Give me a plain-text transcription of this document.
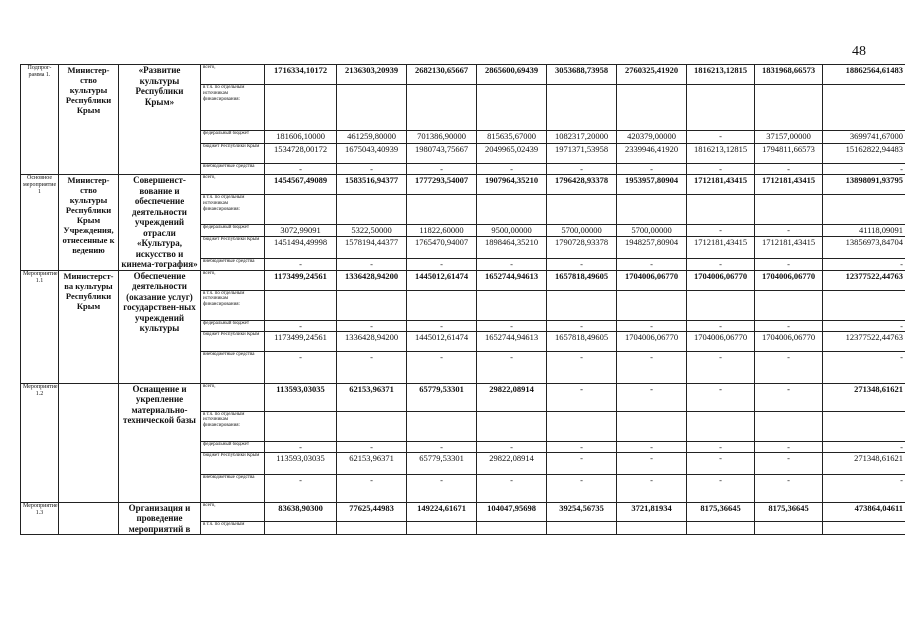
48
Подпрог-рамма 1.	Министер-ство культуры Республики Крым	«Развитие культуры Республики Крым»	всего,	1716334,10172	2136303,20939	2682130,65667	2865600,69439	3053688,73958	2760325,41920	1816213,12815	1831968,66573	18862564,61483
			в т.ч. по отдельным источникам финансирования:									
			федеральный бюджет	181606,10000	461259,80000	701386,90000	815635,67000	1082317,20000	420379,00000	-	37157,00000	3699741,67000
			бюджет Республики Крым	1534728,00172	1675043,40939	1980743,75667	2049965,02439	1971371,53958	2339946,41920	1816213,12815	1794811,66573	15162822,94483
			внебюджетные средства	-	-	-	-	-	-	-	-	-
Основное мероприятие 1	Министер-ство культуры Республики Крым Учреждения, отнесенные к ведению	Совершенст-вование и обеспечение деятельности учреждений отрасли «Культура, искусство и кинема-тография»	всего,	1454567,49089	1583516,94377	1777293,54007	1907964,35210	1796428,93378	1953957,80904	1712181,43415	1712181,43415	13898091,93795
			в т.ч. по отдельным источникам финансирования:									
			федеральный бюджет	3072,99091	5322,50000	11822,60000	9500,00000	5700,00000	5700,00000	-	-	41118,09091
			бюджет Республики Крым	1451494,49998	1578194,44377	1765470,94007	1898464,35210	1790728,93378	1948257,80904	1712181,43415	1712181,43415	13856973,84704
			внебюджетные средства	-	-	-	-	-	-	-	-	-
Мероприятие 1.1	Министерст-ва культуры Республики Крым	Обеспечение деятельности (оказание услуг) государствен-ных учреждений культуры	всего,	1173499,24561	1336428,94200	1445012,61474	1652744,94613	1657818,49605	1704006,06770	1704006,06770	1704006,06770	12377522,44763
			в т.ч. по отдельным источникам финансирования:									
			федеральный бюджет	-	-	-	-	-	-	-	-	-
			бюджет Республики Крым	1173499,24561	1336428,94200	1445012,61474	1652744,94613	1657818,49605	1704006,06770	1704006,06770	1704006,06770	12377522,44763
			внебюджетные средства	-	-	-	-	-	-	-	-	-
Мероприятие 1.2		Оснащение и укрепление материально-технической базы	всего,	113593,03035	62153,96371	65779,53301	29822,08914	-	-	-	-	271348,61621
			в т.ч. по отдельным источникам финансирования:									
			федеральный бюджет	-	-	-	-	-	-	-	-	-
			бюджет Республики Крым	113593,03035	62153,96371	65779,53301	29822,08914	-	-	-	-	271348,61621
			внебюджетные средства	-	-	-	-	-	-	-	-	-
Мероприятие 1.3		Организация и проведение мероприятий в	всего,	83638,90300	77625,44983	149224,61671	104047,95698	39254,56735	3721,81934	8175,36645	8175,36645	473864,04611
			в т.ч. по отдельным									
